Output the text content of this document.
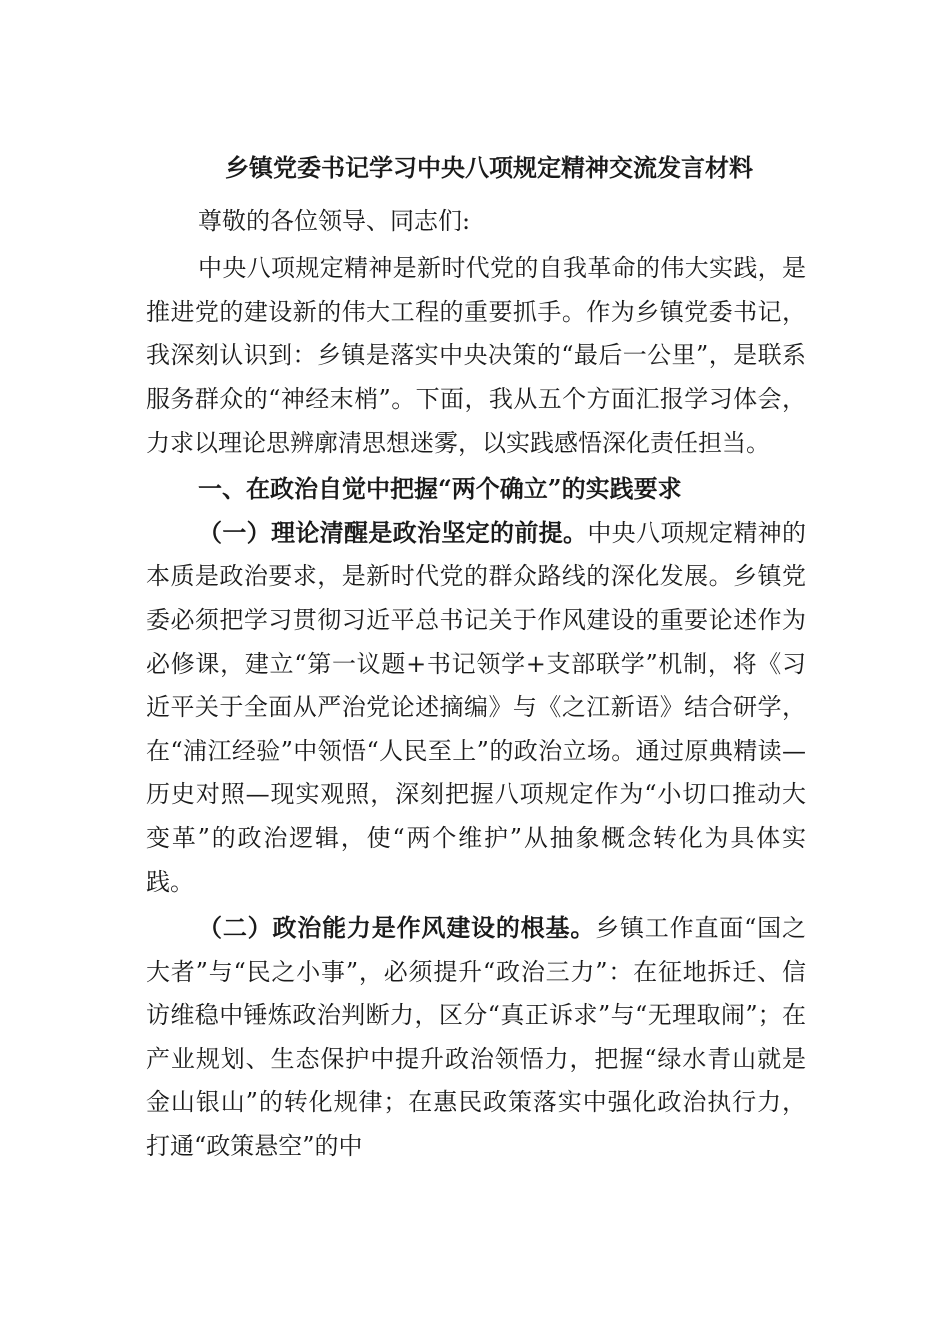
乡镇党委书记学习中央八项规定精神交流发言材料
尊敬的各位领导、同志们:
中央八项规定精神是新时代党的自我革命的伟大实践，是推进党的建设新的伟大工程的重要抓手。作为乡镇党委书记，我深刻认识到：乡镇是落实中央决策的“最后一公里”，是联系服务群众的“神经末梢”。下面，我从五个方面汇报学习体会，力求以理论思辨廓清思想迷雾，以实践感悟深化责任担当。
一、在政治自觉中把握“两个确立”的实践要求
（一）理论清醒是政治坚定的前提。中央八项规定精神的本质是政治要求，是新时代党的群众路线的深化发展。乡镇党委必须把学习贯彻习近平总书记关于作风建设的重要论述作为必修课，建立“第一议题+书记领学+支部联学”机制，将《习近平关于全面从严治党论述摘编》与《之江新语》结合研学，在“浦江经验”中领悟“人民至上”的政治立场。通过原典精读—历史对照—现实观照，深刻把握八项规定作为“小切口推动大变革”的政治逻辑，使“两个维护”从抽象概念转化为具体实践。
（二）政治能力是作风建设的根基。乡镇工作直面“国之大者”与“民之小事”，必须提升“政治三力”：在征地拆迁、信访维稳中锤炼政治判断力，区分“真正诉求”与“无理取闹”；在产业规划、生态保护中提升政治领悟力，把握“绿水青山就是金山银山”的转化规律；在惠民政策落实中强化政治执行力，打通“政策悬空”的中
